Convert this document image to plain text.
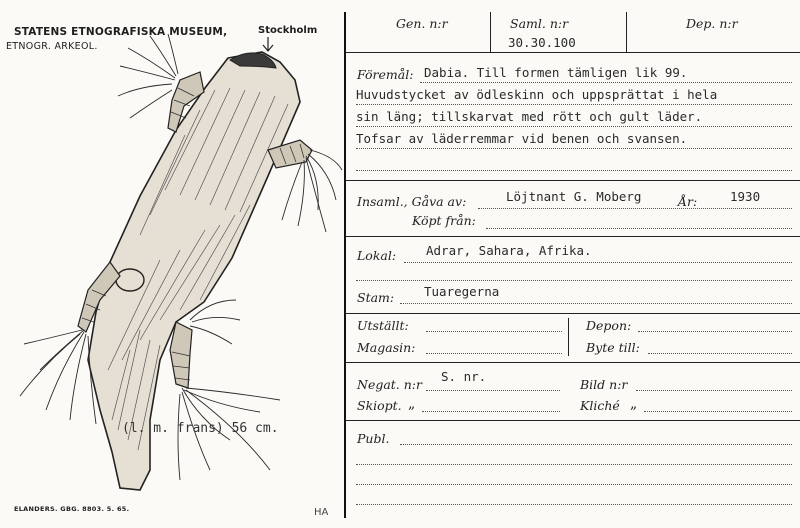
STATENS ETNOGRAFISKA MUSEUM,	Stockholm
ETNOGR. ARKEOL.
(l. m. frans) 56 cm.
ELANDERS. GBG. 8803. 5. 65.	HA
Gen. n:r	Saml. n:r
30.30.100
Dep. n:r
Föremål: Dabia. Till formen tämligen lik 99.
Huvudstycket av ödleskinn och uppsprättat i hela
sin läng; tillskarvat med rött och gult läder.
Tofsar av läderremmar vid benen och svansen.
Insaml., Gåva av:	Löjtnant G. Moberg	År:	1930
Köpt från:
Lokal: Adrar, Sahara, Afrika.
Stam: Tuaregerna
Utställt:
Magasin:
Depon:
Byte till:
Negat. n:r
S. nr.
Bild n:r
Skiopt. „	Kliché „
Publ.
